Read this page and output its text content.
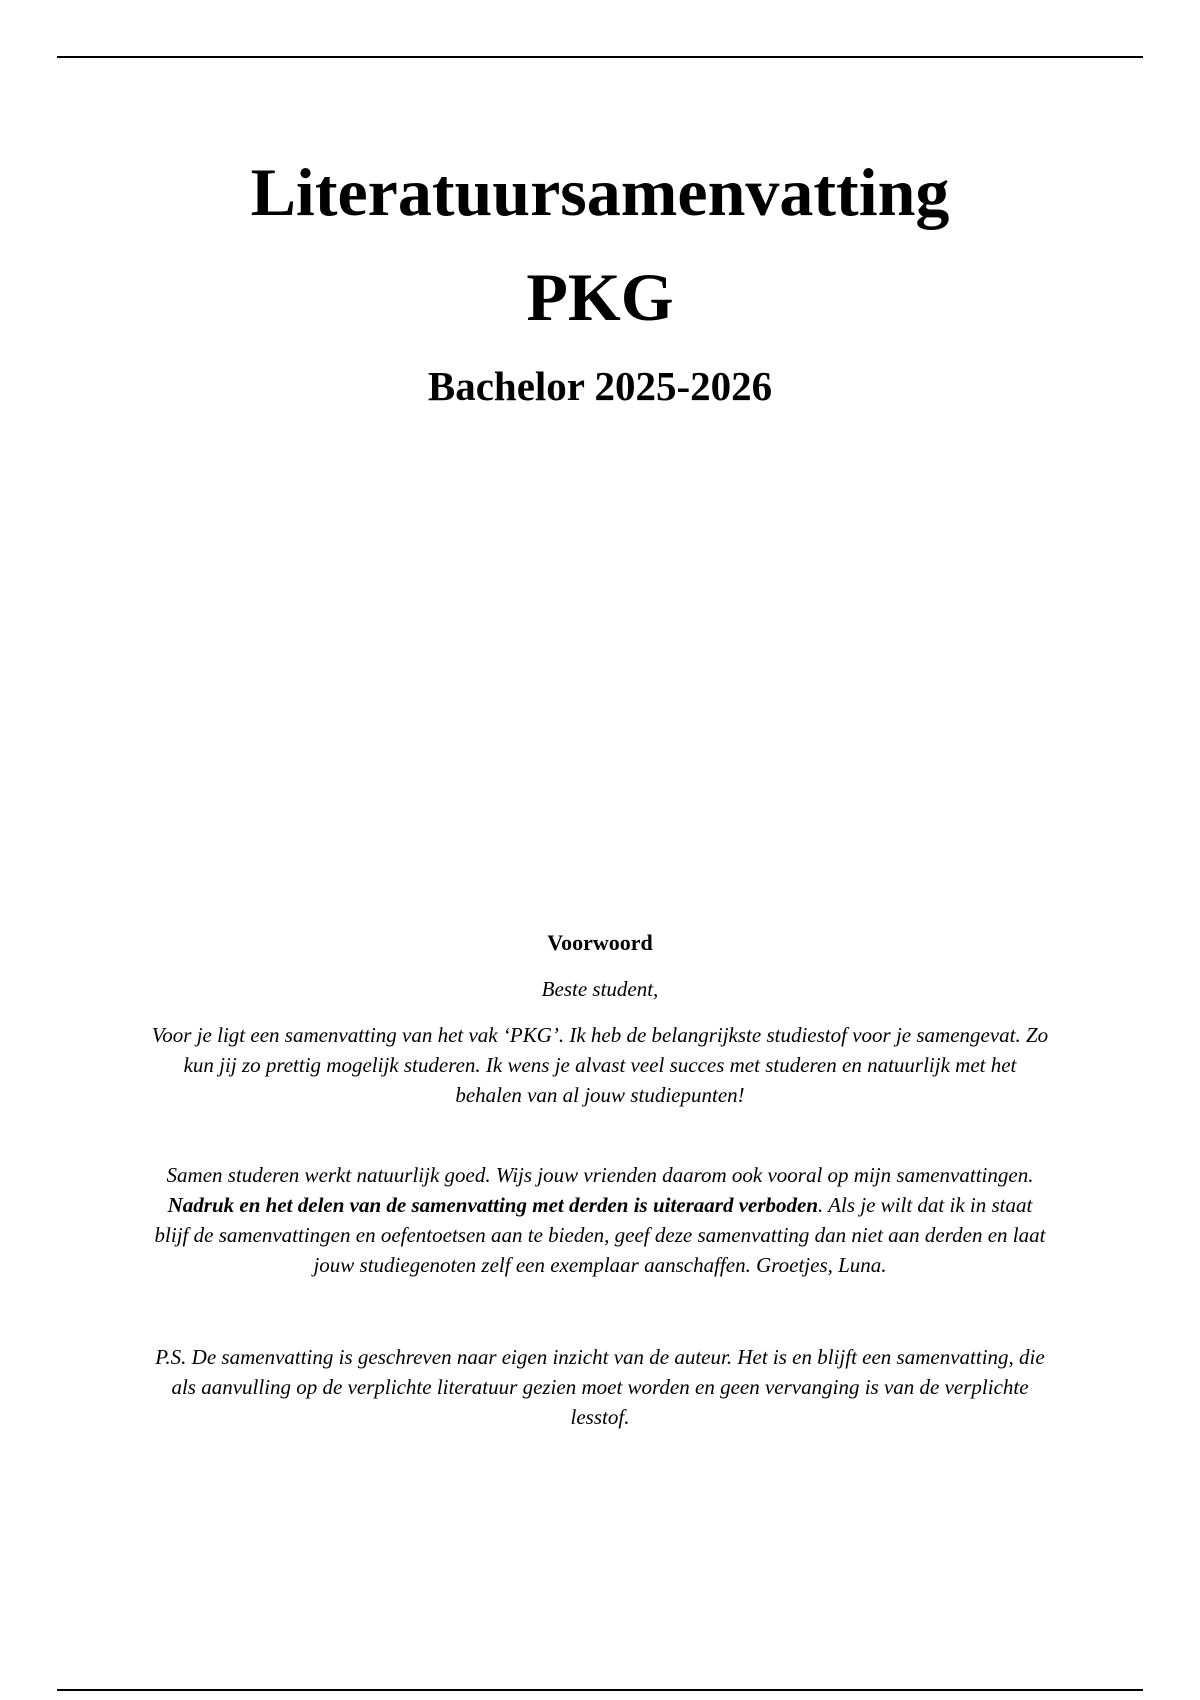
Literatuursamenvatting
PKG
Bachelor 2025-2026
Voorwoord

Beste student,

Voor je ligt een samenvatting van het vak ‘PKG’. Ik heb de belangrijkste studiestof voor je samengevat. Zo kun jij zo prettig mogelijk studeren. Ik wens je alvast veel succes met studeren en natuurlijk met het behalen van al jouw studiepunten!

Samen studeren werkt natuurlijk goed. Wijs jouw vrienden daarom ook vooral op mijn samenvattingen. Nadruk en het delen van de samenvatting met derden is uiteraard verboden. Als je wilt dat ik in staat blijf de samenvattingen en oefentoetsen aan te bieden, geef deze samenvatting dan niet aan derden en laat jouw studiegenoten zelf een exemplaar aanschaffen. Groetjes, Luna.

P.S. De samenvatting is geschreven naar eigen inzicht van de auteur. Het is en blijft een samenvatting, die als aanvulling op de verplichte literatuur gezien moet worden en geen vervanging is van de verplichte lesstof.
